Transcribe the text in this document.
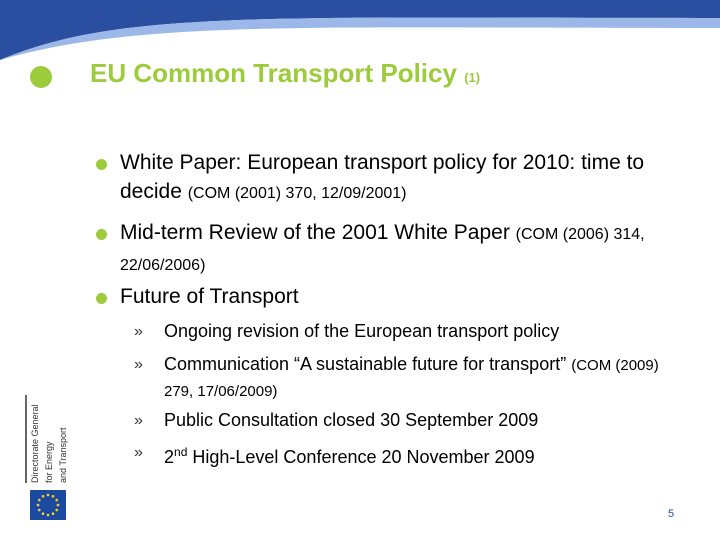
EU Common Transport Policy (1)
White Paper: European transport policy for 2010: time to decide (COM (2001) 370, 12/09/2001)
Mid-term Review of the 2001 White Paper (COM (2006) 314, 22/06/2006)
Future of Transport
» Ongoing revision of the European transport policy
» Communication “A sustainable future for transport” (COM (2009) 279, 17/06/2009)
» Public Consultation closed 30 September 2009
» 2nd High-Level Conference 20 November 2009
Directorate General for Energy and Transport
5
